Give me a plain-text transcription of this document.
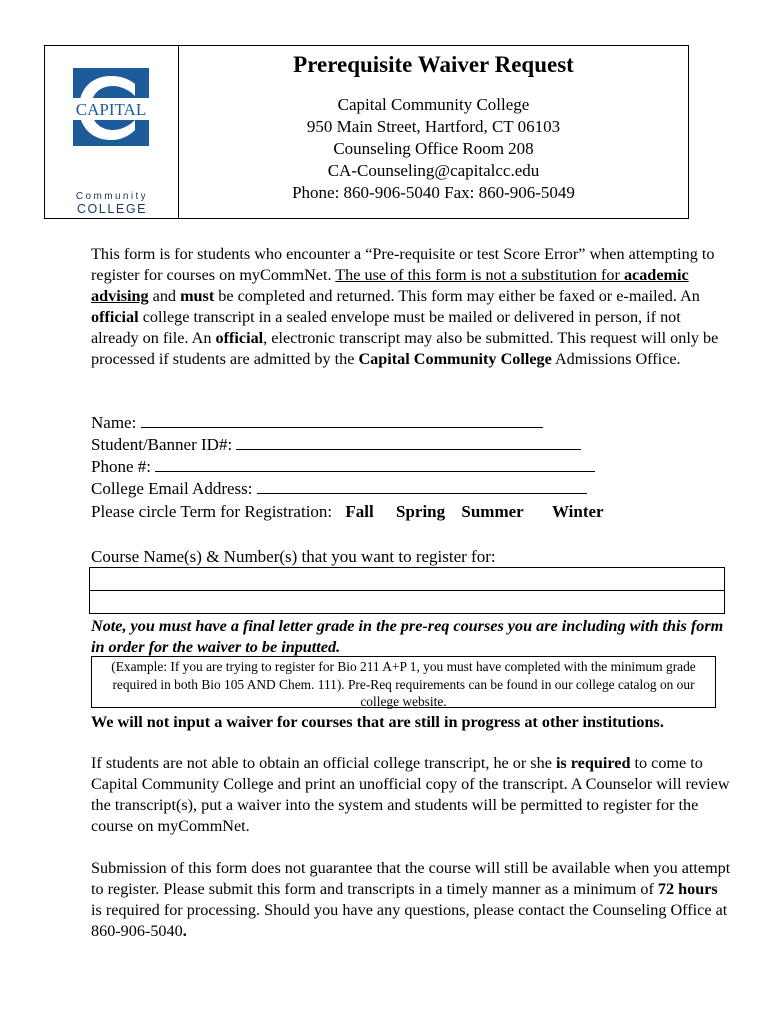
CAPITAL
Community
COLLEGE
Prerequisite Waiver Request
Capital Community College
950 Main Street, Hartford, CT 06103
Counseling Office Room 208
CA-Counseling@capitalcc.edu
Phone: 860-906-5040 Fax: 860-906-5049
This form is for students who encounter a “Pre-requisite or test Score Error” when attempting to register for courses on myCommNet. The use of this form is not a substitution for academic advising and must be completed and returned. This form may either be faxed or e-mailed. An official college transcript in a sealed envelope must be mailed or delivered in person, if not already on file. An official, electronic transcript may also be submitted. This request will only be processed if students are admitted by the Capital Community College Admissions Office.
Name:
Student/Banner ID#:
Phone #:
College Email Address:
Please circle Term for Registration: Fall Spring Summer Winter
Course Name(s) & Number(s) that you want to register for:
Note, you must have a final letter grade in the pre-req courses you are including with this form in order for the waiver to be inputted.
(Example: If you are trying to register for Bio 211 A+P 1, you must have completed with the minimum grade required in both Bio 105 AND Chem. 111). Pre-Req requirements can be found in our college catalog on our college website.
We will not input a waiver for courses that are still in progress at other institutions.
If students are not able to obtain an official college transcript, he or she is required to come to Capital Community College and print an unofficial copy of the transcript. A Counselor will review the transcript(s), put a waiver into the system and students will be permitted to register for the course on myCommNet.
Submission of this form does not guarantee that the course will still be available when you attempt to register. Please submit this form and transcripts in a timely manner as a minimum of 72 hours is required for processing. Should you have any questions, please contact the Counseling Office at 860-906-5040.
